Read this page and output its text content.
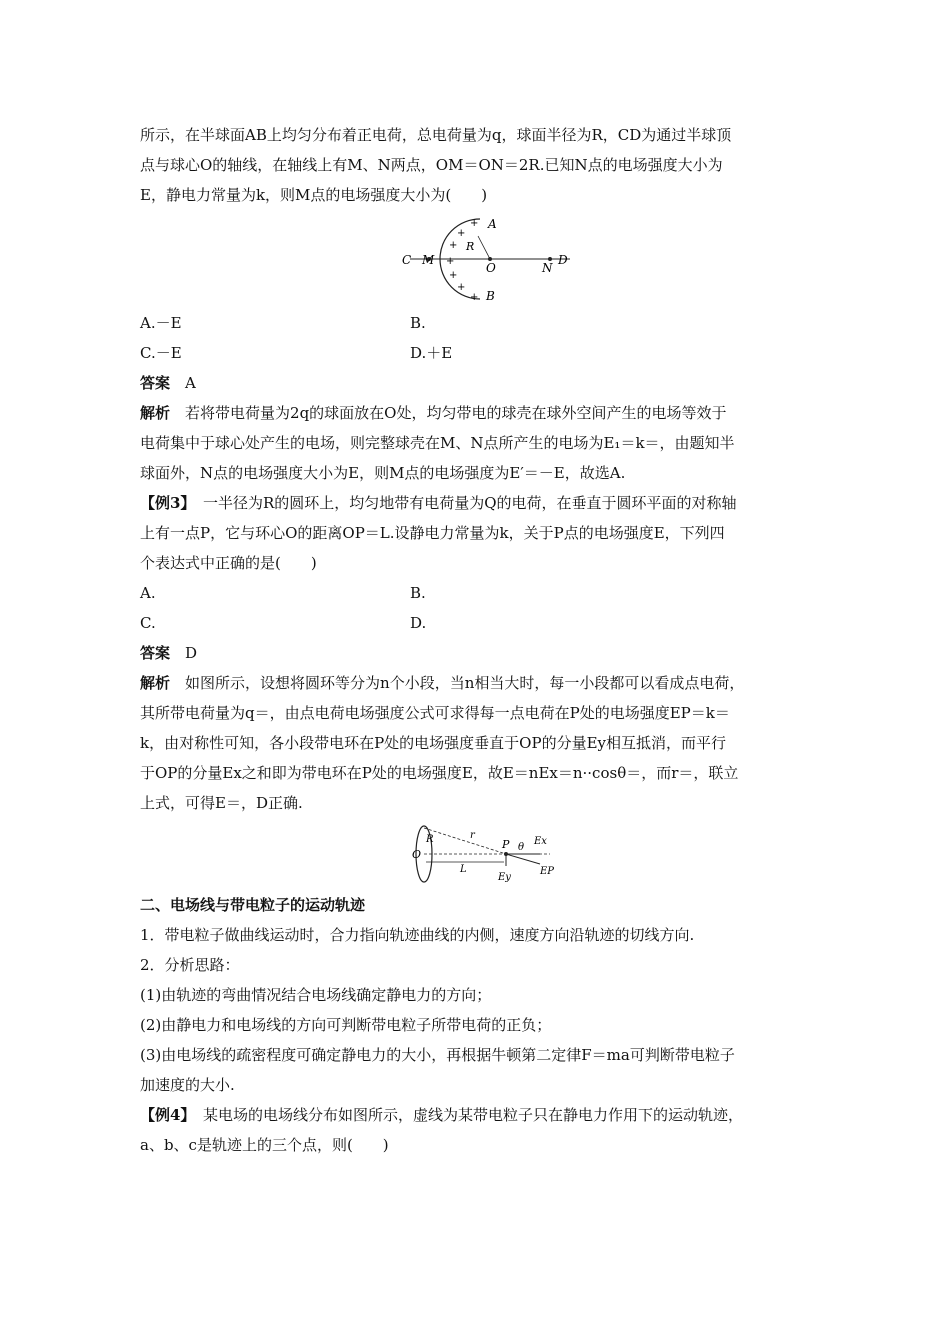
所示，在半球面AB上均匀分布着正电荷，总电荷量为q，球面半径为R，CD为通过半球顶

点与球心O的轴线，在轴线上有M、N两点，OM＝ON＝2R.已知N点的电场强度大小为

E，静电力常量为k，则M点的电场强度大小为(　　)

+
+
+
+
+
+
+
C M
O	N
D
A
B
R
A.－E	B.
C.－E	D.＋E

答案　 A

解析　 若将带电荷量为2q的球面放在O处，均匀带电的球壳在球外空间产生的电场等效于

电荷集中于球心处产生的电场，则完整球壳在M、N点所产生的电场为E₁＝k＝，由题知半

球面外，N点的电场强度大小为E，则M点的电场强度为E′＝－E，故选A.

【例3】　 一半径为R的圆环上，均匀地带有电荷量为Q的电荷，在垂直于圆环平面的对称轴

上有一点P，它与环心O的距离OP＝L.设静电力常量为k，关于P点的电场强度E，下列四

个表达式中正确的是(　　)

A.	B.
C.	D.

答案　 D

解析　 如图所示，设想将圆环等分为n个小段，当n相当大时，每一小段都可以看成点电荷，

其所带电荷量为q＝，由点电荷电场强度公式可求得每一点电荷在P处的电场强度EP＝k＝

k，由对称性可知，各小段带电环在P处的电场强度垂直于OP的分量Ey相互抵消，而平行

于OP的分量Ex之和即为带电环在P处的电场强度E，故E＝nEx＝n··cosθ＝，而r＝，联立

上式，可得E＝，D正确.

O
R	r
P θ
Ex
L
Ey
EP

二、电场线与带电粒子的运动轨迹

1．带电粒子做曲线运动时，合力指向轨迹曲线的内侧，速度方向沿轨迹的切线方向.

2．分析思路：

(1)由轨迹的弯曲情况结合电场线确定静电力的方向；

(2)由静电力和电场线的方向可判断带电粒子所带电荷的正负；

(3)由电场线的疏密程度可确定静电力的大小，再根据牛顿第二定律F＝ma可判断带电粒子

加速度的大小.

【例4】　 某电场的电场线分布如图所示，虚线为某带电粒子只在静电力作用下的运动轨迹，

a、b、c是轨迹上的三个点，则(　　)
